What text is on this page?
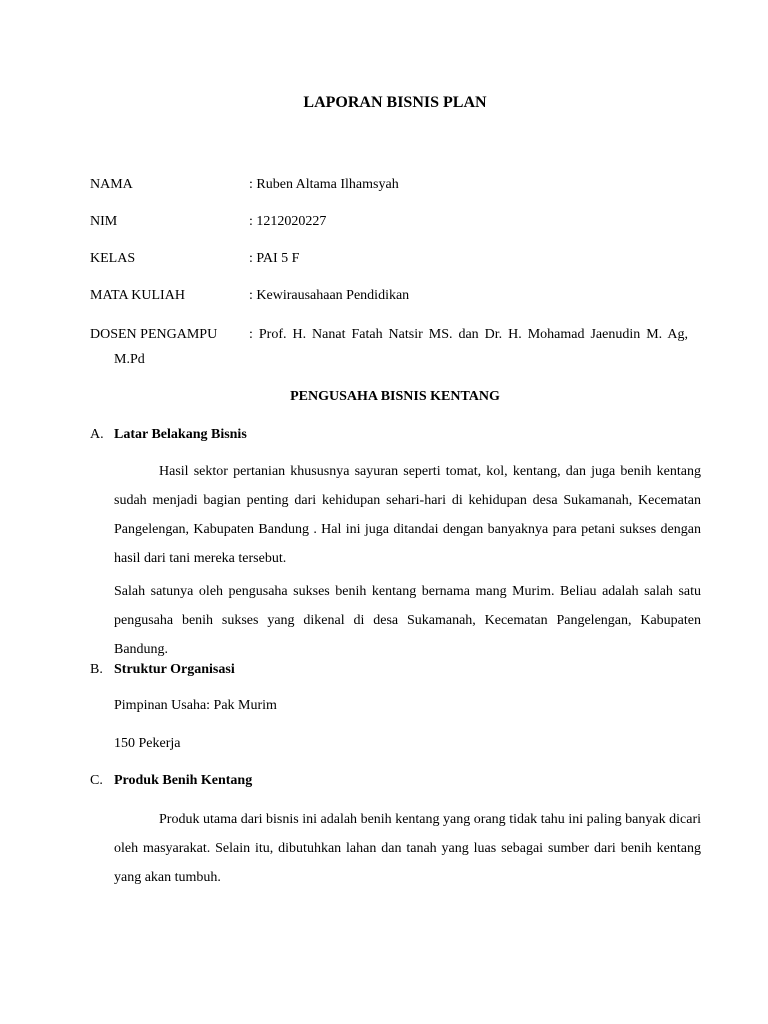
LAPORAN BISNIS PLAN

NAMA	: Ruben Altama Ilhamsyah
NIM	: 1212020227
KELAS	: PAI 5 F
MATA KULIAH	: Kewirausahaan Pendidikan
DOSEN PENGAMPU : Prof. H. Nanat Fatah Natsir MS. dan Dr. H. Mohamad Jaenudin M. Ag,
M.Pd

PENGUSAHA BISNIS KENTANG

A. Latar Belakang Bisnis

Hasil sektor pertanian khususnya sayuran seperti tomat, kol, kentang, dan juga benih kentang sudah menjadi bagian penting dari kehidupan sehari-hari di kehidupan desa Sukamanah, Kecematan Pangelengan, Kabupaten Bandung . Hal ini juga ditandai dengan banyaknya para petani sukses dengan hasil dari tani mereka tersebut.

Salah satunya oleh pengusaha sukses benih kentang bernama mang Murim. Beliau adalah salah satu pengusaha benih sukses yang dikenal di desa Sukamanah, Kecematan Pangelengan, Kabupaten Bandung.

B. Struktur Organisasi
Pimpinan Usaha: Pak Murim
150 Pekerja
C. Produk Benih Kentang

Produk utama dari bisnis ini adalah benih kentang yang orang tidak tahu ini paling banyak dicari oleh masyarakat. Selain itu, dibutuhkan lahan dan tanah yang luas sebagai sumber dari benih kentang yang akan tumbuh.
